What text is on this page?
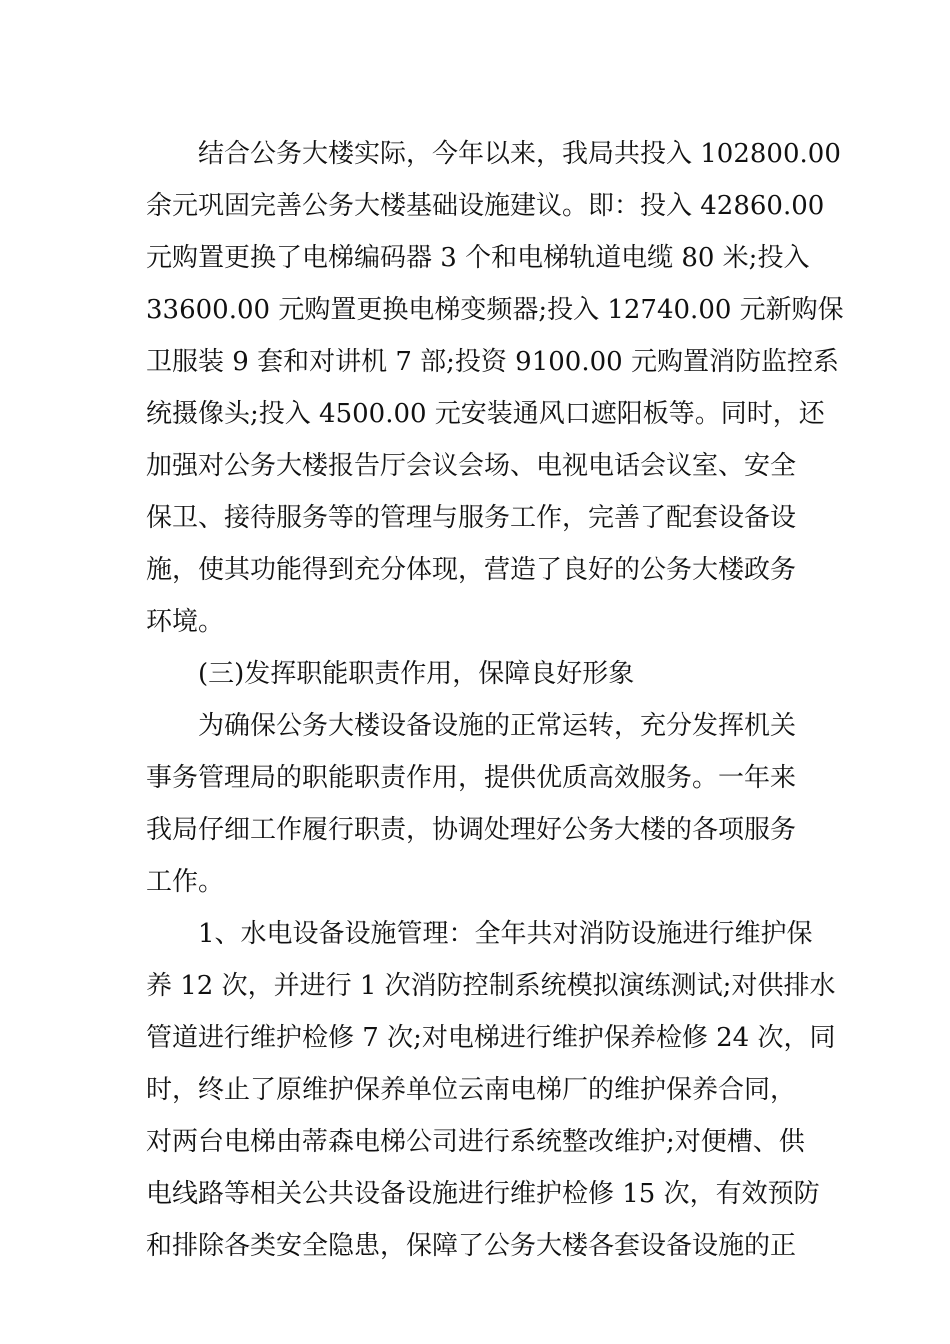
结合公务大楼实际，今年以来，我局共投入 102800.00
余元巩固完善公务大楼基础设施建议。即：投入 42860.00
元购置更换了电梯编码器 3 个和电梯轨道电缆 80 米;投入
33600.00 元购置更换电梯变频器;投入 12740.00 元新购保
卫服装 9 套和对讲机 7 部;投资 9100.00 元购置消防监控系
统摄像头;投入 4500.00 元安装通风口遮阳板等。同时，还
加强对公务大楼报告厅会议会场、电视电话会议室、安全
保卫、接待服务等的管理与服务工作，完善了配套设备设
施，使其功能得到充分体现，营造了良好的公务大楼政务
环境。
(三)发挥职能职责作用，保障良好形象
为确保公务大楼设备设施的正常运转，充分发挥机关
事务管理局的职能职责作用，提供优质高效服务。一年来
我局仔细工作履行职责，协调处理好公务大楼的各项服务
工作。
1、水电设备设施管理：全年共对消防设施进行维护保
养 12 次，并进行 1 次消防控制系统模拟演练测试;对供排水
管道进行维护检修 7 次;对电梯进行维护保养检修 24 次，同
时，终止了原维护保养单位云南电梯厂的维护保养合同，
对两台电梯由蒂森电梯公司进行系统整改维护;对便槽、供
电线路等相关公共设备设施进行维护检修 15 次，有效预防
和排除各类安全隐患，保障了公务大楼各套设备设施的正
